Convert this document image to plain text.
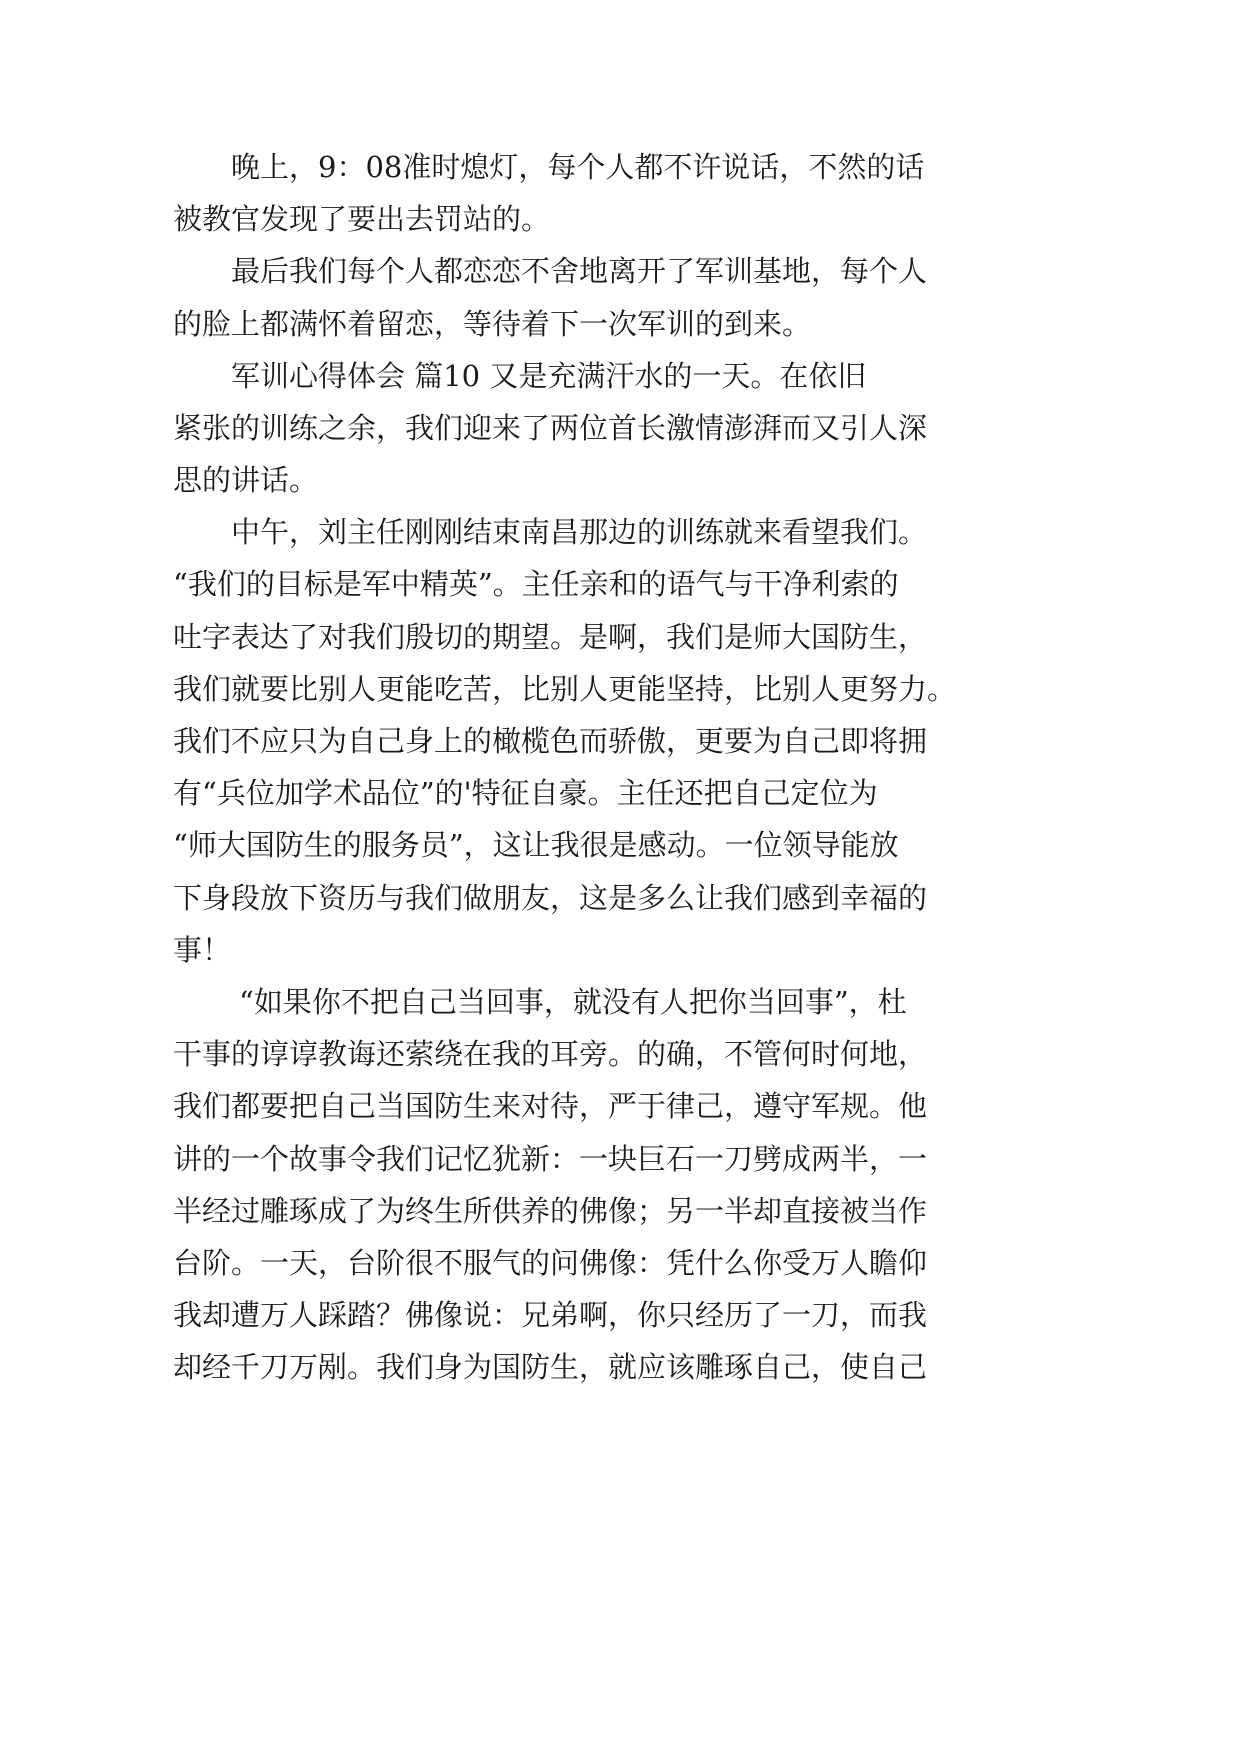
晚上，9：08准时熄灯，每个人都不许说话，不然的话
被教官发现了要出去罚站的。
最后我们每个人都恋恋不舍地离开了军训基地，每个人
的脸上都满怀着留恋，等待着下一次军训的到来。
军训心得体会 篇10 又是充满汗水的一天。在依旧
紧张的训练之余，我们迎来了两位首长激情澎湃而又引人深
思的讲话。
中午，刘主任刚刚结束南昌那边的训练就来看望我们。
“我们的目标是军中精英”。主任亲和的语气与干净利索的
吐字表达了对我们殷切的期望。是啊，我们是师大国防生，
我们就要比别人更能吃苦，比别人更能坚持，比别人更努力。
我们不应只为自己身上的橄榄色而骄傲，更要为自己即将拥
有“兵位加学术品位”的'特征自豪。主任还把自己定位为
“师大国防生的服务员”，这让我很是感动。一位领导能放
下身段放下资历与我们做朋友，这是多么让我们感到幸福的
事！
“如果你不把自己当回事，就没有人把你当回事”，杜
干事的谆谆教诲还萦绕在我的耳旁。的确，不管何时何地，
我们都要把自己当国防生来对待，严于律己，遵守军规。他
讲的一个故事令我们记忆犹新：一块巨石一刀劈成两半，一
半经过雕琢成了为终生所供养的佛像；另一半却直接被当作
台阶。一天，台阶很不服气的问佛像：凭什么你受万人瞻仰
我却遭万人踩踏？佛像说：兄弟啊，你只经历了一刀，而我
却经千刀万剐。我们身为国防生，就应该雕琢自己，使自己
